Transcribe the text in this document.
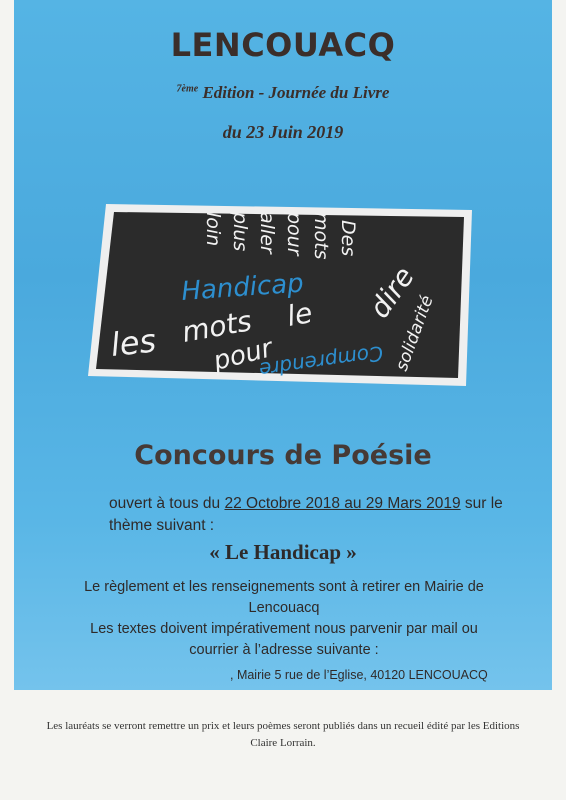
LENCOUACQ
$^{7ème}$ Edition - Journée du Livre
du 23 Juin 2019
Des
mots
pour
aller
plus
loin
Handicap dire
les mots le
pour
Comprendre solidarité
Concours de Poésie
ouvert à tous du 22 Octobre 2018 au 29 Mars 2019 sur le thème suivant :
« Le Handicap »
Le règlement et les renseignements sont à retirer en Mairie de Lencouacq
Les textes doivent impérativement nous parvenir par mail ou courrier à l’adresse suivante :
, Mairie 5 rue de l’Eglise, 40120 LENCOUACQ
Les lauréats se verront remettre un prix et leurs poèmes seront publiés dans un recueil édité par les Editions Claire Lorrain.
